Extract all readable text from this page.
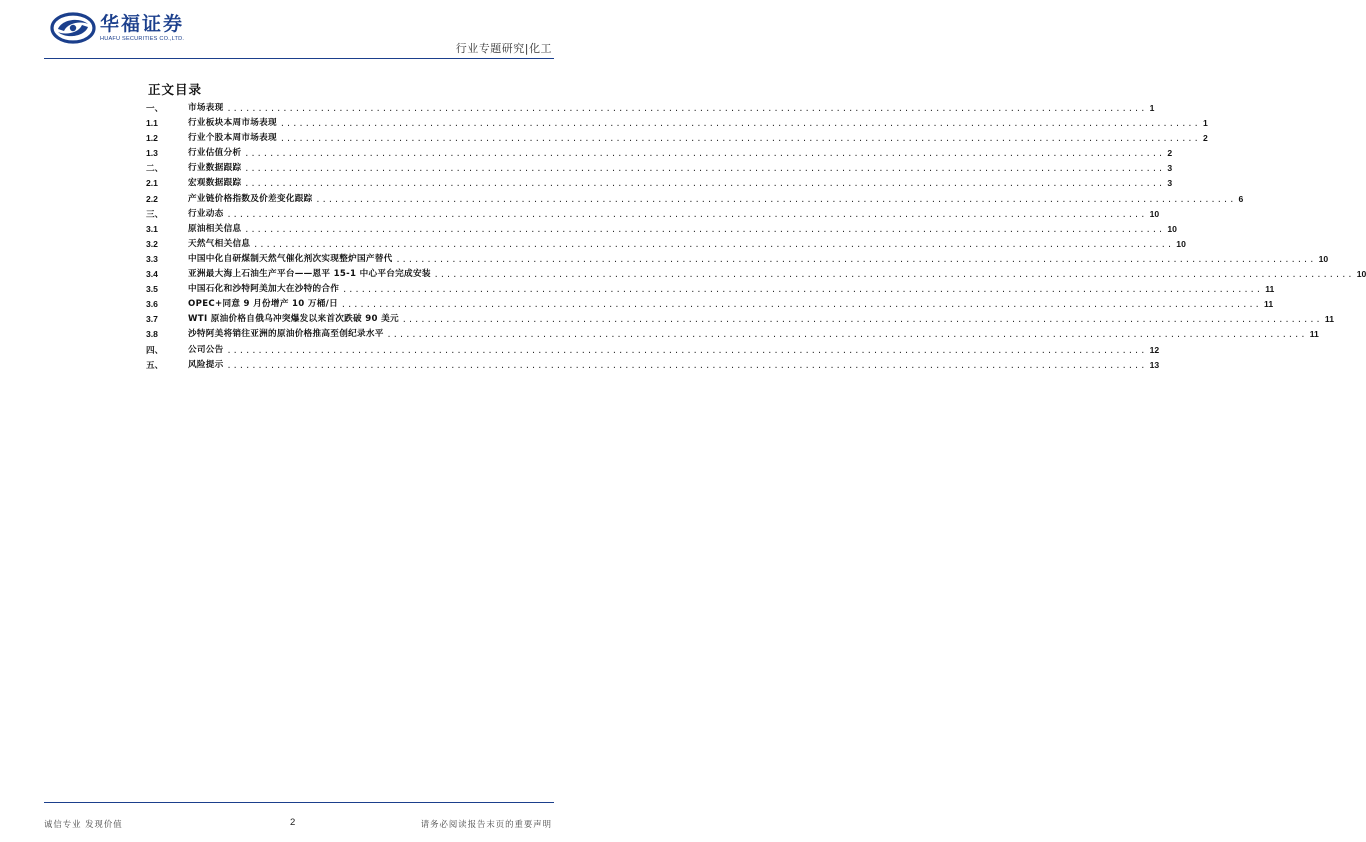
华福证券
HUAFU SECURITIES CO.,LTD.
行业专题研究|化工
正文目录
一、	市场表现 .................................................................................................................................................... 1
1.1	行业板块本周市场表现 .................................................................................................................................................... 1
1.2	行业个股本周市场表现 .................................................................................................................................................... 2
1.3	行业估值分析 .................................................................................................................................................... 2
二、	行业数据跟踪 .................................................................................................................................................... 3
2.1	宏观数据跟踪 .................................................................................................................................................... 3
2.2	产业链价格指数及价差变化跟踪 .................................................................................................................................................... 6
三、	行业动态 .................................................................................................................................................... 10
3.1	原油相关信息 .................................................................................................................................................... 10
3.2	天然气相关信息 .................................................................................................................................................... 10
3.3	中国中化自研煤制天然气催化剂次实现整炉国产替代 .................................................................................................................................................... 10
3.4	亚洲最大海上石油生产平台——恩平 15-1 中心平台完成安装 .................................................................................................................................................... 10
3.5	中国石化和沙特阿美加大在沙特的合作 .................................................................................................................................................... 11
3.6	OPEC+同意 9 月份增产 10 万桶/日 .................................................................................................................................................... 11
3.7	WTI 原油价格自俄乌冲突爆发以来首次跌破 90 美元 .................................................................................................................................................... 11
3.8	沙特阿美将销往亚洲的原油价格推高至创纪录水平 .................................................................................................................................................... 11
四、	公司公告 .................................................................................................................................................... 12
五、	风险提示 .................................................................................................................................................... 13
诚信专业 发现价值	2	请务必阅读报告末页的重要声明
